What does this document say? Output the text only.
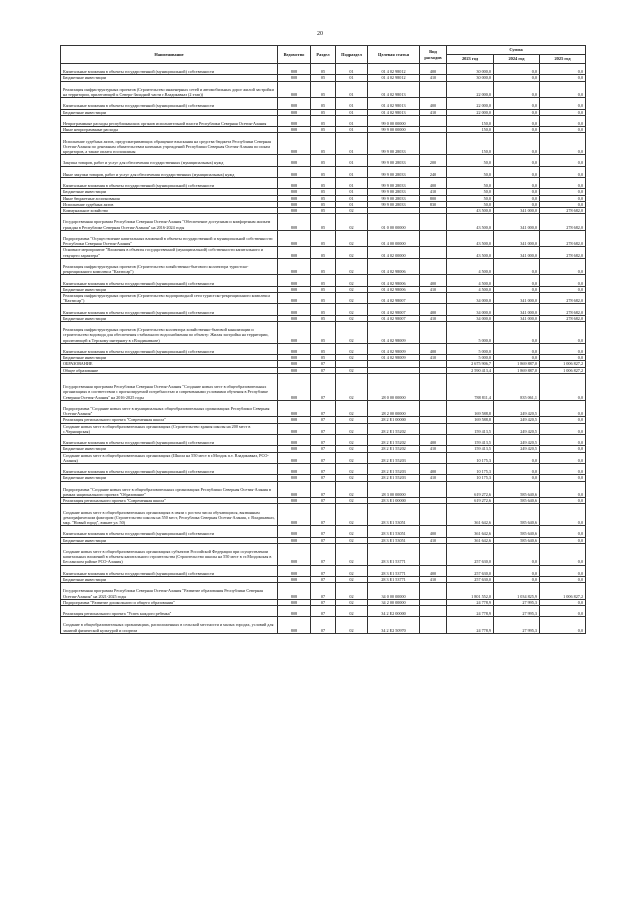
20
Наименование	Ведомство	Раздел	Подраздел	Целевая статья	Вид расходов	Сумма		
						2023 год	2024 год	2025 год
Капитальные вложения в объекты государственной (муниципальной) собственности	808	05	01	01 4 02 98012	400	30 000,0	0,0	0,0
Бюджетные инвестиции	808	05	01	01 4 02 98012	410	30 000,0	0,0	0,0
Реализация инфраструктурных проектов (Строительство инженерных сетей и автомобильных дорог жилой застройки на территории, прилегающей к Северо-Западной части г.Владикавказ (2 этап))	808	05	01	01 4 02 98013		22 000,0	0,0	0,0
Капитальные вложения в объекты государственной (муниципальной) собственности	808	05	01	01 4 02 98013	400	22 000,0	0,0	0,0
Бюджетные инвестиции	808	05	01	01 4 02 98013	410	22 000,0	0,0	0,0
Непрограммные расходы республиканских органов исполнительной власти Республики Северная Осетия-Алания	808	05	01	99 0 00 00000		150,0	0,0	0,0
Иные непрограммные расходы	808	05	01	99 9 00 00000		150,0	0,0	0,0
Исполнение судебных актов, предусматривающих обращение взыскания на средства бюджета Республики Северная Осетия-Алания по денежным обязательствам казенных учреждений Республики Северная Осетия-Алания по искам кредиторов, а также оплата госпошлины	808	05	01	99 9 00 28033		150,0	0,0	0,0
Закупка товаров, работ и услуг для обеспечения государственных (муниципальных) нужд	808	05	01	99 9 00 28033	200	50,0	0,0	0,0
Иные закупки товаров, работ и услуг для обеспечения государственных (муниципальных) нужд	808	05	01	99 9 00 28033	240	50,0	0,0	0,0
Капитальные вложения в объекты государственной (муниципальной) собственности	808	05	01	99 9 00 28033	400	50,0	0,0	0,0
Бюджетные инвестиции	808	05	01	99 9 00 28033	410	50,0	0,0	0,0
Иные бюджетные ассигнования	808	05	01	99 9 00 28033	800	50,0	0,0	0,0
Исполнение судебных актов	808	05	01	99 9 00 28033	830	50,0	0,0	0,0
Коммунальное хозяйство	808	05	02			43 500,0	341 000,0	278 682,0
Государственная программа Республики Северная Осетия-Алания "Обеспечение доступным и комфортным жильем граждан в Республике Северная Осетия-Алания" на 2016-2024 годы	808	05	02	01 0 00 00000		43 500,0	341 000,0	278 682,0
Подпрограмма "Осуществление капитальных вложений в объекты государственной и муниципальной собственности Республики Северная Осетия-Алания"	808	05	02	01 4 00 00000		43 500,0	341 000,0	278 682,0
Основное мероприятие "Вложения в объекты государственной (муниципальной) собственности капитального и текущего характера"	808	05	02	01 4 02 00000		43 500,0	341 000,0	278 682,0
Реализация инфраструктурных проектов (Строительство хозяйственно-бытового коллектора туристско-рекреационного комплекса "Кахтисар")	808	05	02	01 4 02 98006		4 500,0	0,0	0,0
Капитальные вложения в объекты государственной (муниципальной) собственности	808	05	02	01 4 02 98006	400	4 500,0	0,0	0,0
Бюджетные инвестиции	808	05	02	01 4 02 98006	410	4 500,0	0,0	0,0
Реализация инфраструктурных проектов (Строительство водопроводной сети туристско-рекреационного комплекса "Кахтисар")	808	05	02	01 4 02 98007		34 000,0	341 000,0	278 682,0
Капитальные вложения в объекты государственной (муниципальной) собственности	808	05	02	01 4 02 98007	400	34 000,0	341 000,0	278 682,0
Бюджетные инвестиции	808	05	02	01 4 02 98007	410	34 000,0	341 000,0	278 682,0
Реализация инфраструктурных проектов (Строительство коллектора хозяйственно-бытовой канализации и строительство водовода для обеспечения стабильного водоснабжения по объекту: Жилая застройка на территории, прилегающей к Терскому интернату в г.Владикавказе)	808	05	02	01 4 02 98009		5 000,0	0,0	0,0
Капитальные вложения в объекты государственной (муниципальной) собственности	808	05	02	01 4 02 98009	400	5 000,0	0,0	0,0
Бюджетные инвестиции	808	05	02	01 4 02 98009	410	5 000,0	0,0	0,0
ОБРАЗОВАНИЕ	808	07				2 675 906,7	1 869 887,0	1 006 827,2
Общее образование	808	07	02			2 590 413,4	1 869 887,0	1 006 827,2
Государственная программа Республики Северная Осетия-Алания "Создание новых мест в общеобразовательных организациях в соответствии с прогнозируемой потребностью и современными условиями обучения в Республике Северная Осетия-Алания" на 2016-2025 годы	808	07	02	28 0 00 00000		788 811,4	835 061,1	0,0
Подпрограмма "Создание новых мест в муниципальных общеобразовательных организациях Республики Северная Осетия-Алания"	808	07	02	28 2 00 00000		169 588,8	249 420,5	0,0
Реализация регионального проекта "Современная школа"	808	07	02	28 2 Е1 00000		169 588,8	249 420,5	0,0
Создание новых мест в общеобразовательных организациях (Строительство здания школы на 200 мест в с.Черноярская)	808	07	02	28 2 Е1 55202		159 413,5	249 420,5	0,0
Капитальные вложения в объекты государственной (муниципальной) собственности	808	07	02	28 2 Е1 55202	400	159 413,5	249 420,5	0,0
Бюджетные инвестиции	808	07	02	28 2 Е1 55202	410	159 413,5	249 420,5	0,0
Создание новых мест в общеобразовательных организациях (Школа на 550 мест в г.Моздок п.т. Владикавказ, РСО-Алания)	808	07	02	28 2 Е1 55203		10 175,3	0,0	0,0
Капитальные вложения в объекты государственной (муниципальной) собственности	808	07	02	28 2 Е1 55203	400	10 175,3	0,0	0,0
Бюджетные инвестиции	808	07	02	28 2 Е1 55203	410	10 175,3	0,0	0,0
Подпрограмма "Создание новых мест в общеобразовательных организациях Республики Северная Осетия-Алания в рамках национального проекта "Образование"	808	07	02	28 3 00 00000		619 272,6	585 640,6	0,0
Реализация регионального проекта "Современная школа"	808	07	02	28 3 Е1 00000		619 272,6	585 640,6	0,0
Создание новых мест в общеобразовательных организациях в связи с ростом числа обучающихся, вызванным демографическим фактором (Строительство школы на 550 мест, Республика Северная Осетия-Алания, г. Владикавказ, мкр. "Новый город", южнее ул. 50)	808	07	02	28 3 Е1 53051		361 642,6	585 640,6	0,0
Капитальные вложения в объекты государственной (муниципальной) собственности	808	07	02	28 3 Е1 53051	400	361 642,6	585 640,6	0,0
Бюджетные инвестиции	808	07	02	28 3 Е1 53051	410	361 642,6	585 640,6	0,0
Создание новых мест в общеобразовательных организациях субъектов Российской Федерации при осуществлении капитальных вложений в объекты капитального строительства (Строительство школы на 550 мест в ст.Моздокская в Бесланском районе РСО-Алания)	808	07	02	28 3 Е1 53771		257 630,0	0,0	0,0
Капитальные вложения в объекты государственной (муниципальной) собственности	808	07	02	28 3 Е1 53771	400	257 630,0	0,0	0,0
Бюджетные инвестиции	808	07	02	28 3 Е1 53771	410	257 630,0	0,0	0,0
Государственная программа Республики Северная Осетия-Алания "Развитие образования Республики Северная Осетия-Алания" на 2021-2025 годы	808	07	02	34 0 00 00000		1 801 552,0	1 034 825,9	1 006 827,2
Подпрограмма "Развитие дошкольного и общего образования"	808	07	02	34 2 00 00000		24 778,9	27 995,3	0,0
Реализация регионального проекта "Успех каждого ребенка"	808	07	02	34 2 Е2 00000		24 778,9	27 995,3	0,0
Создание в общеобразовательных организациях, расположенных в сельской местности и малых городах, условий для занятий физической культурой и спортом	808	07	02	34 2 Е2 50970		24 778,9	27 995,3	0,0
